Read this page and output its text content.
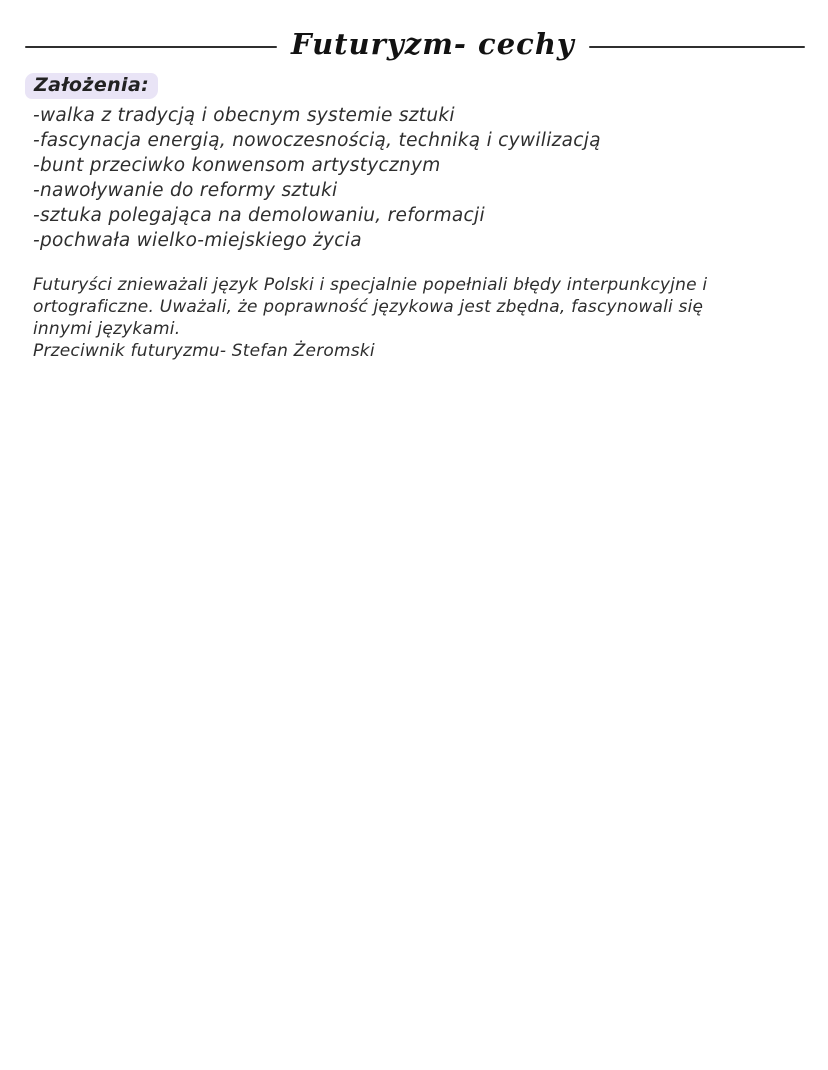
Futuryzm- cechy
Założenia:
-walka z tradycją i obecnym systemie sztuki
-fascynacja energią, nowoczesnością, techniką i cywilizacją
-bunt przeciwko konwensom artystycznym
-nawoływanie do reformy sztuki
-sztuka polegająca na demolowaniu, reformacji
-pochwała wielko-miejskiego życia

Futuryści znieważali język Polski i specjalnie popełniali błędy interpunkcyjne i ortograficzne. Uważali, że poprawność językowa jest zbędna, fascynowali się innymi językami.

Przeciwnik futuryzmu- Stefan Żeromski
